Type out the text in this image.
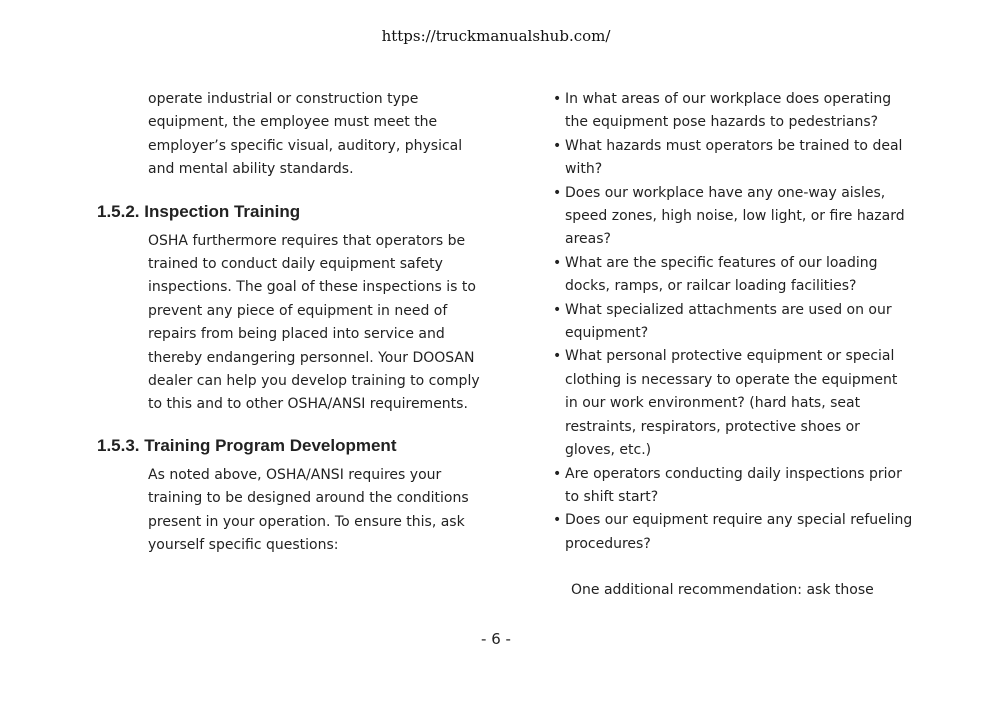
https://truckmanualshub.com/

operate industrial or construction type equipment, the employee must meet the employer’s specific visual, auditory, physical and mental ability standards.

1.5.2. Inspection Training

OSHA furthermore requires that operators be trained to conduct daily equipment safety inspections. The goal of these inspections is to prevent any piece of equipment in need of repairs from being placed into service and thereby endangering personnel. Your DOOSAN dealer can help you develop training to comply to this and to other OSHA/ANSI requirements.

1.5.3. Training Program Development

As noted above, OSHA/ANSI requires your training to be designed around the conditions present in your operation. To ensure this, ask yourself specific questions:

• In what areas of our workplace does operating the equipment pose hazards to pedestrians?
• What hazards must operators be trained to deal with?
• Does our workplace have any one-way aisles, speed zones, high noise, low light, or fire hazard areas?
• What are the specific features of our loading docks, ramps, or railcar loading facilities?
• What specialized attachments are used on our equipment?
• What personal protective equipment or special clothing is necessary to operate the equipment in our work environment? (hard hats, seat restraints, respirators, protective shoes or gloves, etc.)
• Are operators conducting daily inspections prior to shift start?
• Does our equipment require any special refueling procedures?

One additional recommendation: ask those

- 6 -
